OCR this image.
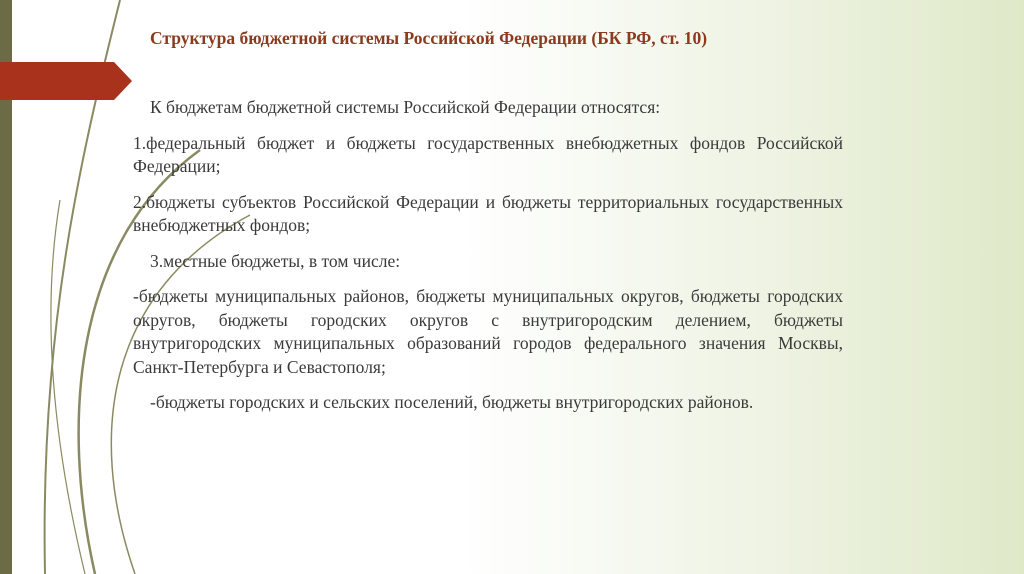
Структура бюджетной системы Российской Федерации (БК РФ, ст. 10)

К бюджетам бюджетной системы Российской Федерации относятся:

1.федеральный бюджет и бюджеты государственных внебюджетных фондов Российской Федерации;

2.бюджеты субъектов Российской Федерации и бюджеты территориальных государственных внебюджетных фондов;

3.местные бюджеты, в том числе:

-бюджеты муниципальных районов, бюджеты муниципальных округов, бюджеты городских округов, бюджеты городских округов с внутригородским делением, бюджеты внутригородских муниципальных образований городов федерального значения Москвы, Санкт-Петербурга и Севастополя;

-бюджеты городских и сельских поселений, бюджеты внутригородских районов.
